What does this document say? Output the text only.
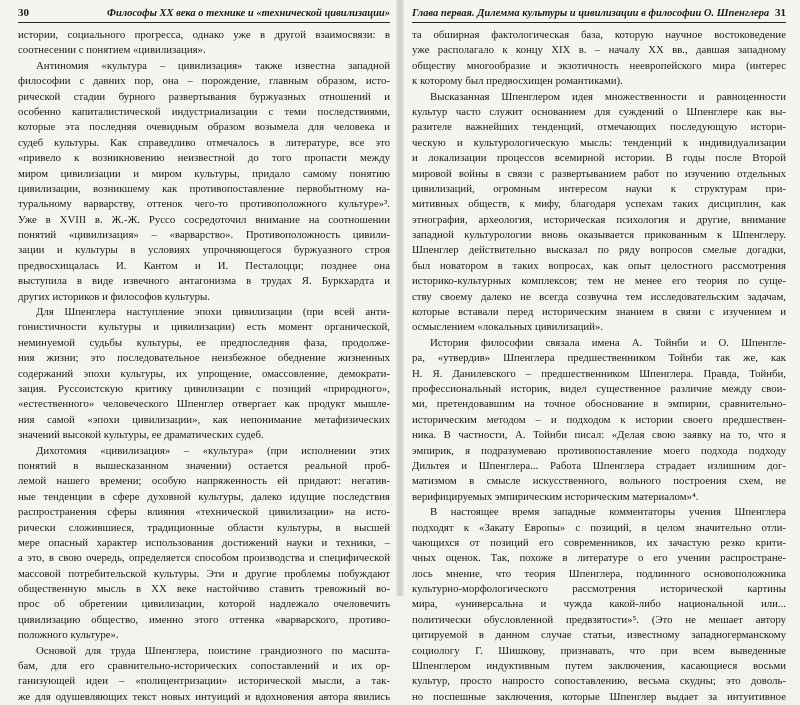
30	Философы XX века о технике и «технической цивилизации»
истории, социального прогресса, однако уже в другой взаимосвязи: в
соотнесении с понятием «цивилизация».
Антиномия «культура – цивилизация» также известна западной
философии с давних пор, она – порождение, главным образом, исто-
рической стадии бурного развертывания буржуазных отношений и
особенно капиталистической индустриализации с теми последствиями,
которые эта последняя очевидным образом возымела для человека и
судеб культуры. Как справедливо отмечалось в литературе, все это
«привело к возникновению неизвестной до того пропасти между
миром цивилизации и миром культуры, придало самому понятию
цивилизации, возникшему как противопоставление первобытному на-
туральному варварству, оттенок чего-то противоположного культуре»³.
Уже в XVIII в. Ж.-Ж. Руссо сосредоточил внимание на соотношении
понятий «цивилизация» – «варварство». Противоположность цивили-
зации и культуры в условиях упрочняющегося буржуазного строя
предвосхищалась И. Кантом и И. Песталоцци; позднее она
выступила в виде извечного антагонизма в трудах Я. Буркхардта и
других историков и философов культуры.
Для Шпенглера наступление эпохи цивилизации (при всей анти-
гонистичности культуры и цивилизации) есть момент органической,
неминуемой судьбы культуры, ее предпоследняя фаза, продолже-
ния жизни; это последовательное неизбежное обеднение жизненных
содержаний эпохи культуры, их упрощение, омассовление, демократи-
зация. Руссоистскую критику цивилизации с позиций «природного»,
«естественного» человеческого Шпенглер отвергает как продукт мышле-
ния самой «эпохи цивилизации», как непонимание метафизических
значений высокой культуры, ее драматических судеб.
Дихотомия «цивилизация» – «культура» (при исполнении этих
понятий в вышесказанном значении) остается реальной проб-
лемой нашего времени; особую напряженность ей придают: негатив-
ные тенденции в сфере духовной культуры, далеко идущие последствия
распространения сферы влияния «технической цивилизации» на исто-
рически сложившиеся, традиционные области культуры, в высшей
мере опасный характер использования достижений науки и техники, –
а это, в свою очередь, определяется способом производства и специфической
массовой потребительской культуры. Эти и другие проблемы побуждают
общественную мысль в XX веке настойчиво ставить тревожный во-
прос об обретении цивилизации, которой надлежало очеловечить
цивилизацию общество, именно этого оттенка «варварского, противо-
положного культуре».
Основой для труда Шпенглера, поистине грандиозного по масшта-
бам, для его сравнительно-исторических сопоставлений и их ор-
ганизующей идеи – «полицентризации» исторической мысли, а так-
же для одушевляющих текст новых интуиций и вдохновения автора явились
Глава первая. Дилемма культуры и цивилизации в философии О. Шпенглера 31
та обширная фактологическая база, которую научное востоковедение
уже располагало к концу XIX в. – началу XX вв., давшая западному
обществу многообразие и экзотичность неевропейского мира (интерес
к которому был предвосхищен романтиками).
Высказанная Шпенглером идея множественности и равноценности
культур часто служит основанием для суждений о Шпенглере как вы-
разителе важнейших тенденций, отмечающих последующую истори-
ческую и культурологическую мысль: тенденций к индивидуализации
и локализации процессов всемирной истории. В годы после Второй
мировой войны в связи с развертыванием работ по изучению отдельных
цивилизаций, огромным интересом науки к структурам при-
митивных обществ, к мифу, благодаря успехам таких дисциплин, как
этнография, археология, историческая психология и другие, внимание
западной культурологии вновь оказывается прикованным к Шпенглеру.
Шпенглер действительно высказал по ряду вопросов смелые догадки,
был новатором в таких вопросах, как опыт целостного рассмотрения
историко-культурных комплексов; тем не менее его теория по суще-
ству своему далеко не всегда созвучна тем исследовательским задачам,
которые вставали перед историческим знанием в связи с изучением и
осмыслением «локальных цивилизаций».
История философии связала имена А. Тойнби и О. Шпенгле-
ра, «утвердив» Шпенглера предшественником Тойнби так же, как
Н. Я. Данилевского – предшественником Шпенглера. Правда, Тойнби,
профессиональный историк, видел существенное различие между свои-
ми, претендовавшим на точное обоснование в эмпирии, сравнительно-
историческим методом – и подходом к истории своего предшествен-
ника. В частности, А. Тойнби писал: «Делая свою заявку на то, что я
эмпирик, я подразумеваю противопоставление моего подхода подходу
Дильтея и Шпенглера... Работа Шпенглера страдает излишним дог-
матизмом в смысле искусственного, вольного построения схем, не
верифицируемых эмпирическим историческим материалом»⁴.
В настоящее время западные комментаторы учения Шпенглера
подходят к «Закату Европы» с позиций, в целом значительно отли-
чающихся от позиций его современников, их зачастую резко крити-
чных оценок. Так, похоже в литературе о его учении распростране-
лось мнение, что теория Шпенглера, подлинного основоположника
культурно-морфологического рассмотрения исторической картины
мира, «универсальна и чужда какой-либо национальной или...
политически обусловленной предвзятости»⁵. (Это не мешает автору
цитируемой в данном случае статьи, известному западногерманскому
социологу Г. Шишкову, признавать, что при всем выведенные
Шпенглером индуктивным путем заключения, касающиеся восьми
культур, просто напросто сопоставлению, весьма скудны; это доволь-
но поспешные заключения, которые Шпенглер выдает за интуитивное
